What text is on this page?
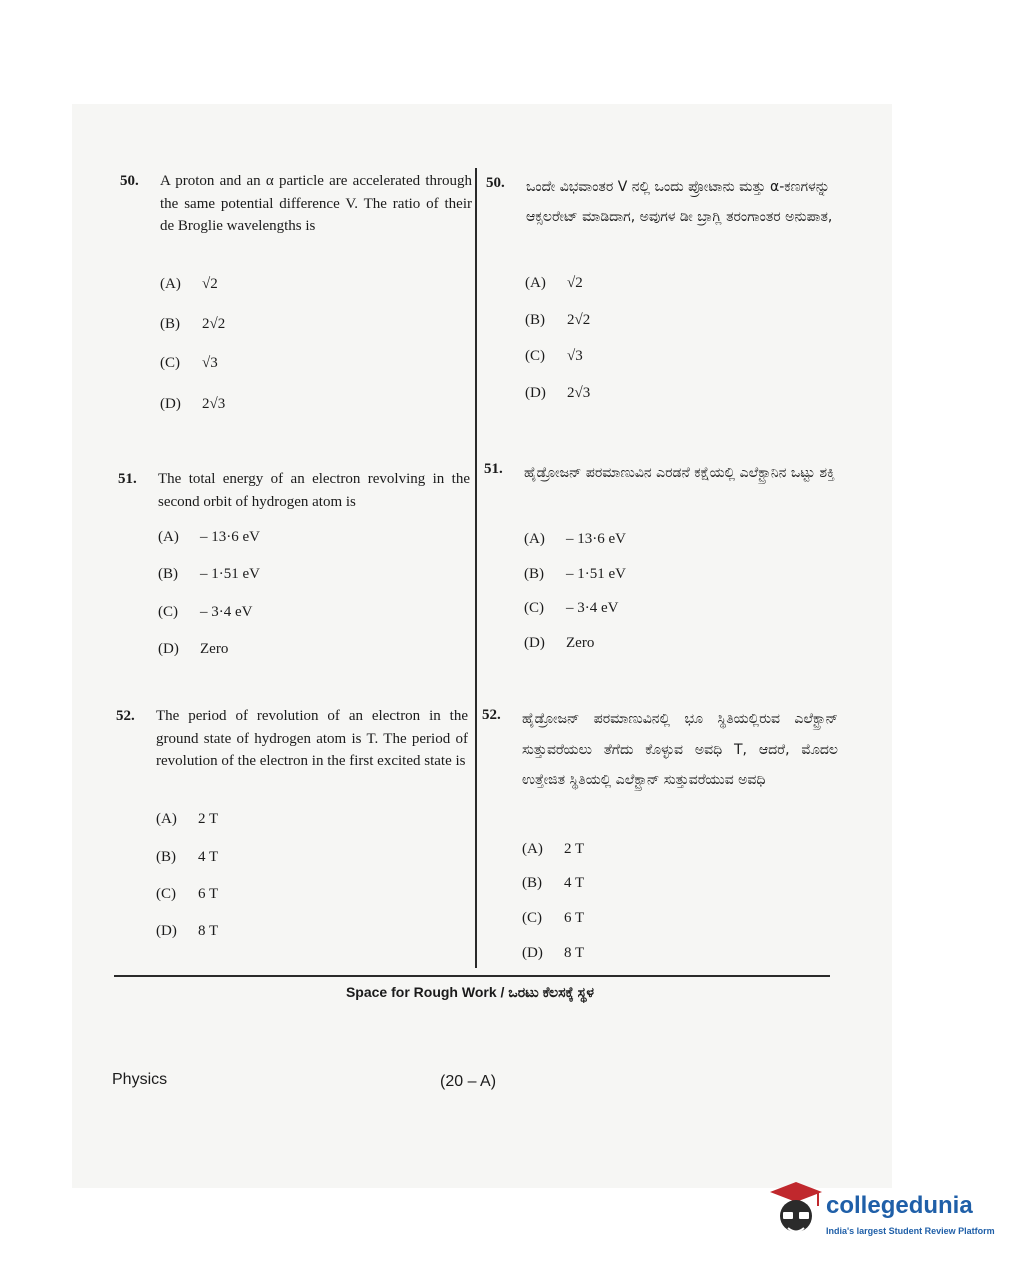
50. A proton and an α particle are accelerated through the same potential difference V. The ratio of their de Broglie wavelengths is
(A) √2
(B) 2√2
(C) √3
(D) 2√3
50. ಒಂದೇ ವಿಭವಾಂತರ V ನಲ್ಲಿ ಒಂದು ಪ್ರೋಟಾನು ಮತ್ತು α-ಕಣಗಳನ್ನು ಆಕ್ಸಲರೇಟ್ ಮಾಡಿದಾಗ, ಅವುಗಳ ಡೀ ಬ್ರಾಗ್ಲಿ ತರಂಗಾಂತರ ಅನುಪಾತ,
(A) √2
(B) 2√2
(C) √3
(D) 2√3
51. The total energy of an electron revolving in the second orbit of hydrogen atom is
(A) – 13·6 eV
(B) – 1·51 eV
(C) – 3·4 eV
(D) Zero
51. ಹೈಡ್ರೋಜನ್ ಪರಮಾಣುವಿನ ಎರಡನೆ ಕಕ್ಷೆಯಲ್ಲಿ ಎಲೆಕ್ಟ್ರಾನಿನ ಒಟ್ಟು ಶಕ್ತಿ
(A) – 13·6 eV
(B) – 1·51 eV
(C) – 3·4 eV
(D) Zero
52. The period of revolution of an electron in the ground state of hydrogen atom is T. The period of revolution of the electron in the first excited state is
(A) 2 T
(B) 4 T
(C) 6 T
(D) 8 T
52. ಹೈಡ್ರೋಜನ್ ಪರಮಾಣುವಿನಲ್ಲಿ ಭೂ ಸ್ಥಿತಿಯಲ್ಲಿರುವ ಎಲೆಕ್ಟ್ರಾನ್ ಸುತ್ತುವರೆಯಲು ತೆಗೆದು ಕೊಳ್ಳುವ ಅವಧಿ T, ಆದರೆ, ಮೊದಲ ಉತ್ತೇಜಿತ ಸ್ಥಿತಿಯಲ್ಲಿ ಎಲೆಕ್ಟ್ರಾನ್ ಸುತ್ತುವರೆಯುವ ಅವಧಿ
(A) 2 T
(B) 4 T
(C) 6 T
(D) 8 T
Space for Rough Work / ಒರಟು ಕೆಲಸಕ್ಕೆ ಸ್ಥಳ
Physics	(20 – A)
collegedunia
India's largest Student Review Platform
